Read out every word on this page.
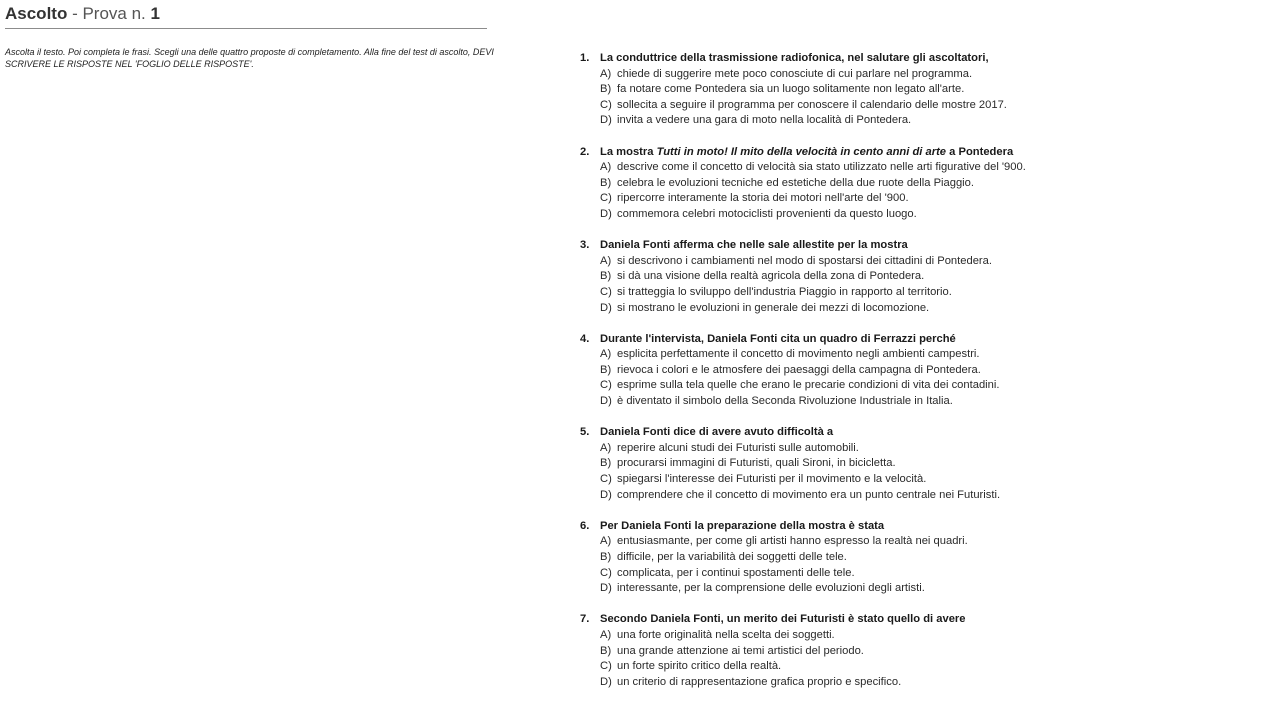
Ascolto - Prova n. 1
Ascolta il testo. Poi completa le frasi. Scegli una delle quattro proposte di completamento. Alla fine del test di ascolto, DEVI SCRIVERE LE RISPOSTE NEL 'FOGLIO DELLE RISPOSTE'.	1. La conduttrice della trasmissione radiofonica, nel salutare gli ascoltatori,
A) chiede di suggerire mete poco conosciute di cui parlare nel programma.
B) fa notare come Pontedera sia un luogo solitamente non legato all'arte.
C) sollecita a seguire il programma per conoscere il calendario delle mostre 2017.
D) invita a vedere una gara di moto nella località di Pontedera.
2. La mostra Tutti in moto! Il mito della velocità in cento anni di arte a Pontedera
A) descrive come il concetto di velocità sia stato utilizzato nelle arti figurative del '900.
B) celebra le evoluzioni tecniche ed estetiche della due ruote della Piaggio.
C) ripercorre interamente la storia dei motori nell'arte del '900.
D) commemora celebri motociclisti provenienti da questo luogo.
3. Daniela Fonti afferma che nelle sale allestite per la mostra
A) si descrivono i cambiamenti nel modo di spostarsi dei cittadini di Pontedera.
B) si dà una visione della realtà agricola della zona di Pontedera.
C) si tratteggia lo sviluppo dell'industria Piaggio in rapporto al territorio.
D) si mostrano le evoluzioni in generale dei mezzi di locomozione.
4. Durante l'intervista, Daniela Fonti cita un quadro di Ferrazzi perché
A) esplicita perfettamente il concetto di movimento negli ambienti campestri.
B) rievoca i colori e le atmosfere dei paesaggi della campagna di Pontedera.
C) esprime sulla tela quelle che erano le precarie condizioni di vita dei contadini.
D) è diventato il simbolo della Seconda Rivoluzione Industriale in Italia.
5. Daniela Fonti dice di avere avuto difficoltà a
A) reperire alcuni studi dei Futuristi sulle automobili.
B) procurarsi immagini di Futuristi, quali Sironi, in bicicletta.
C) spiegarsi l'interesse dei Futuristi per il movimento e la velocità.
D) comprendere che il concetto di movimento era un punto centrale nei Futuristi.
6. Per Daniela Fonti la preparazione della mostra è stata
A) entusiasmante, per come gli artisti hanno espresso la realtà nei quadri.
B) difficile, per la variabilità dei soggetti delle tele.
C) complicata, per i continui spostamenti delle tele.
D) interessante, per la comprensione delle evoluzioni degli artisti.
7. Secondo Daniela Fonti, un merito dei Futuristi è stato quello di avere
A) una forte originalità nella scelta dei soggetti.
B) una grande attenzione ai temi artistici del periodo.
C) un forte spirito critico della realtà.
D) un criterio di rappresentazione grafica proprio e specifico.
